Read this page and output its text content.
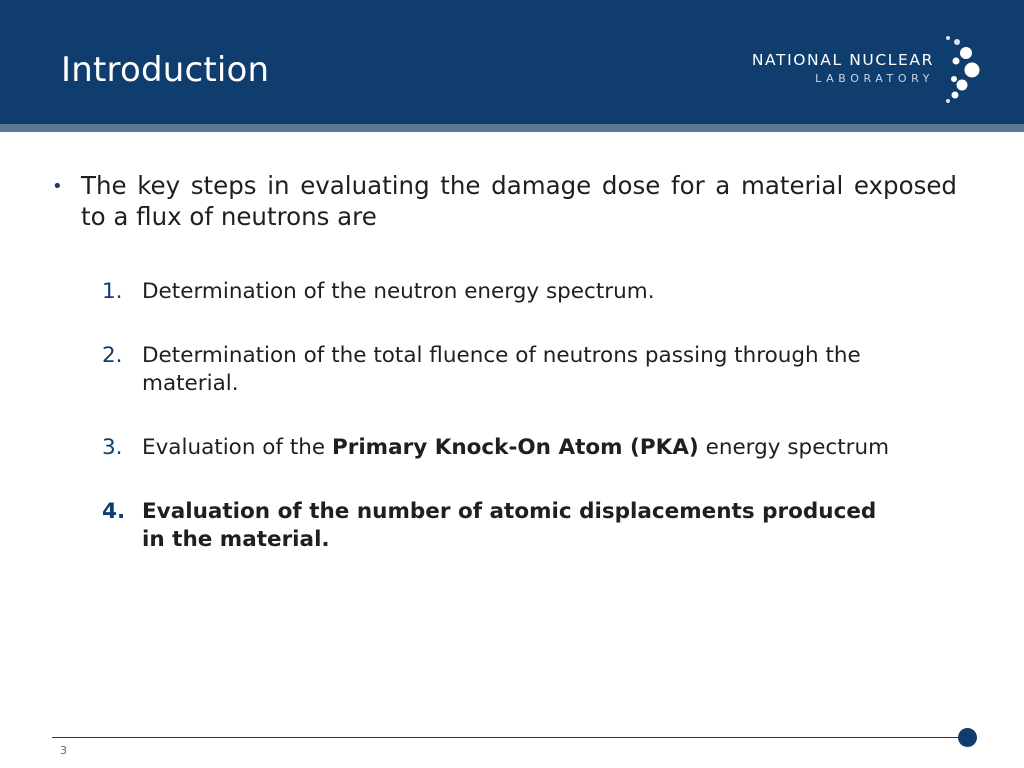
Introduction	NATIONAL NUCLEAR
LABORATORY

• The key steps in evaluating the damage dose for a material exposed to a flux of neutrons are

1. Determination of the neutron energy spectrum.
2. Determination of the total fluence of neutrons passing through the material.
3. Evaluation of the Primary Knock-On Atom (PKA) energy spectrum
4. Evaluation of the number of atomic displacements produced in the material.
3
